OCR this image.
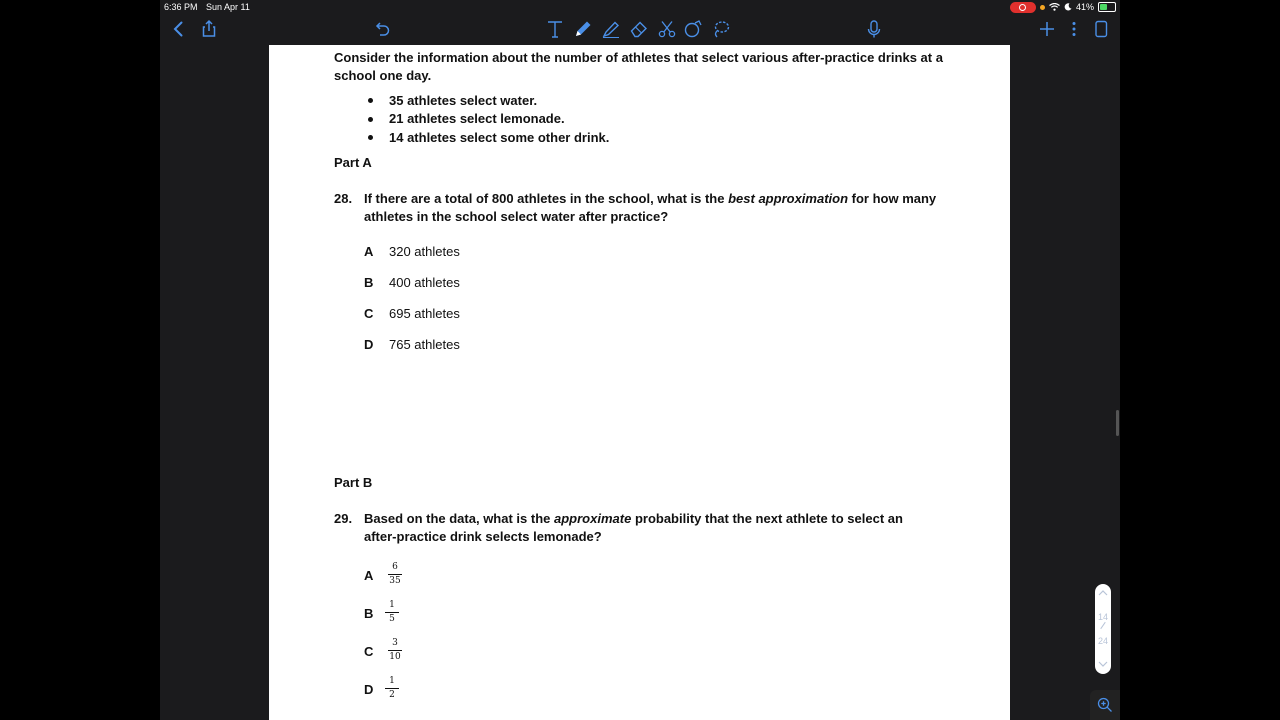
6:36 PM Sun Apr 11	41%
Consider the information about the number of athletes that select various after-practice drinks at a
school one day.
35 athletes select water.
21 athletes select lemonade.
14 athletes select some other drink.
Part A
28. If there are a total of 800 athletes in the school, what is the best approximation for how many
athletes in the school select water after practice?
A 320 athletes
B 400 athletes
C 695 athletes
D 765 athletes
Part B
29. Based on the data, what is the approximate probability that the next athlete to select an
after-practice drink selects lemonade?
A
6
35
B
1
5
C
3
10
D
1
2
14
24
